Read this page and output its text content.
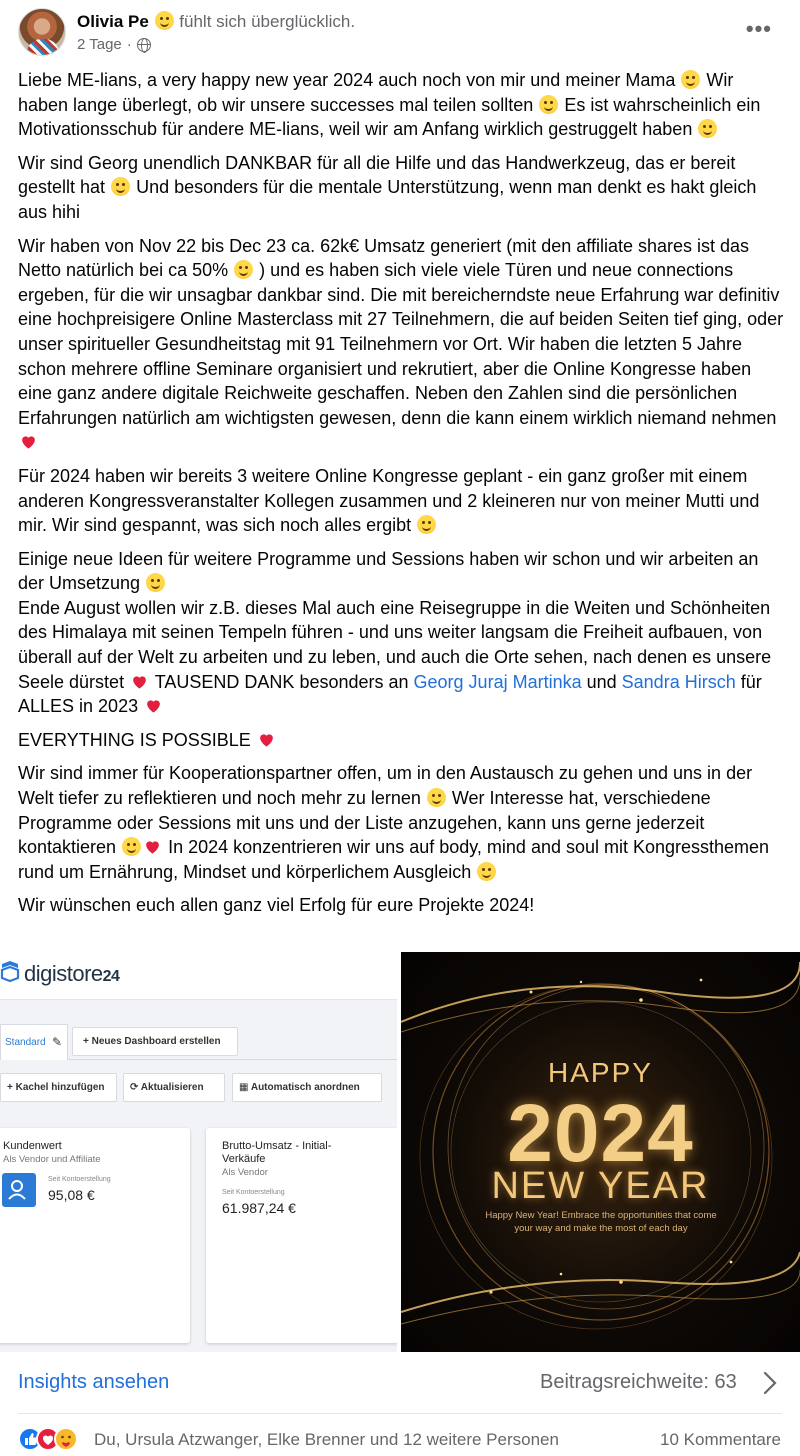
Olivia Pe fühlt sich überglücklich.
2 Tage ·
•••

Liebe ME-lians, a very happy new year 2024 auch noch von mir und meiner Mama  Wir haben lange überlegt, ob wir unsere successes mal teilen sollten  Es ist wahrscheinlich ein Motivationsschub für andere ME-lians, weil wir am Anfang wirklich gestruggelt haben

Wir sind Georg unendlich DANKBAR für all die Hilfe und das Handwerkzeug, das er bereit gestellt hat  Und besonders für die mentale Unterstützung, wenn man denkt es hakt gleich aus hihi

Wir haben von Nov 22 bis Dec 23 ca. 62k€ Umsatz generiert (mit den affiliate shares ist das Netto natürlich bei ca 50%  ) und es haben sich viele viele Türen und neue connections ergeben, für die wir unsagbar dankbar sind. Die mit bereicherndste neue Erfahrung war definitiv eine hochpreisigere Online Masterclass mit 27 Teilnehmern, die auf beiden Seiten tief ging, oder unser spiritueller Gesundheitstag mit 91 Teilnehmern vor Ort. Wir haben die letzten 5 Jahre schon mehrere offline Seminare organisiert und rekrutiert, aber die Online Kongresse haben eine ganz andere digitale Reichweite geschaffen. Neben den Zahlen sind die persönlichen Erfahrungen natürlich am wichtigsten gewesen, denn die kann einem wirklich niemand nehmen

Für 2024 haben wir bereits 3 weitere Online Kongresse geplant - ein ganz großer mit einem anderen Kongressveranstalter Kollegen zusammen und 2 kleineren nur von meiner Mutti und mir. Wir sind gespannt, was sich noch alles ergibt

Einige neue Ideen für weitere Programme und Sessions haben wir schon und wir arbeiten an der Umsetzung
Ende August wollen wir z.B. dieses Mal auch eine Reisegruppe in die Weiten und Schönheiten des Himalaya mit seinen Tempeln führen - und uns weiter langsam die Freiheit aufbauen, von überall auf der Welt zu arbeiten und zu leben, und auch die Orte sehen, nach denen es unsere Seele dürstet  TAUSEND DANK besonders an Georg Juraj Martinka und Sandra Hirsch für ALLES in 2023

EVERYTHING IS POSSIBLE

Wir sind immer für Kooperationspartner offen, um in den Austausch zu gehen und uns in der Welt tiefer zu reflektieren und noch mehr zu lernen  Wer Interesse hat, verschiedene Programme oder Sessions mit uns und der Liste anzugehen, kann uns gerne jederzeit kontaktieren  In 2024 konzentrieren wir uns auf body, mind and soul mit Kongressthemen rund um Ernährung, Mindset und körperlichem Ausgleich

Wir wünschen euch allen ganz viel Erfolg für eure Projekte 2024!

digistore24
Standard ✎	+ Neues Dashboard erstellen
+ Kachel hinzufügen	⟳ Aktualisieren	▦ Automatisch anordnen
Kundenwert
Als Vendor und Affiliate
Seit Kontoerstellung
95,08 €
Brutto-Umsatz - Initial-Verkäufe
Als Vendor
Seit Kontoerstellung
61.987,24 €
HAPPY
2024
NEW YEAR
Happy New Year! Embrace the opportunities that come your way and make the most of each day
Insights ansehen	Beitragsreichweite: 63
Du, Ursula Atzwanger, Elke Brenner und 12 weitere Personen	10 Kommentare
